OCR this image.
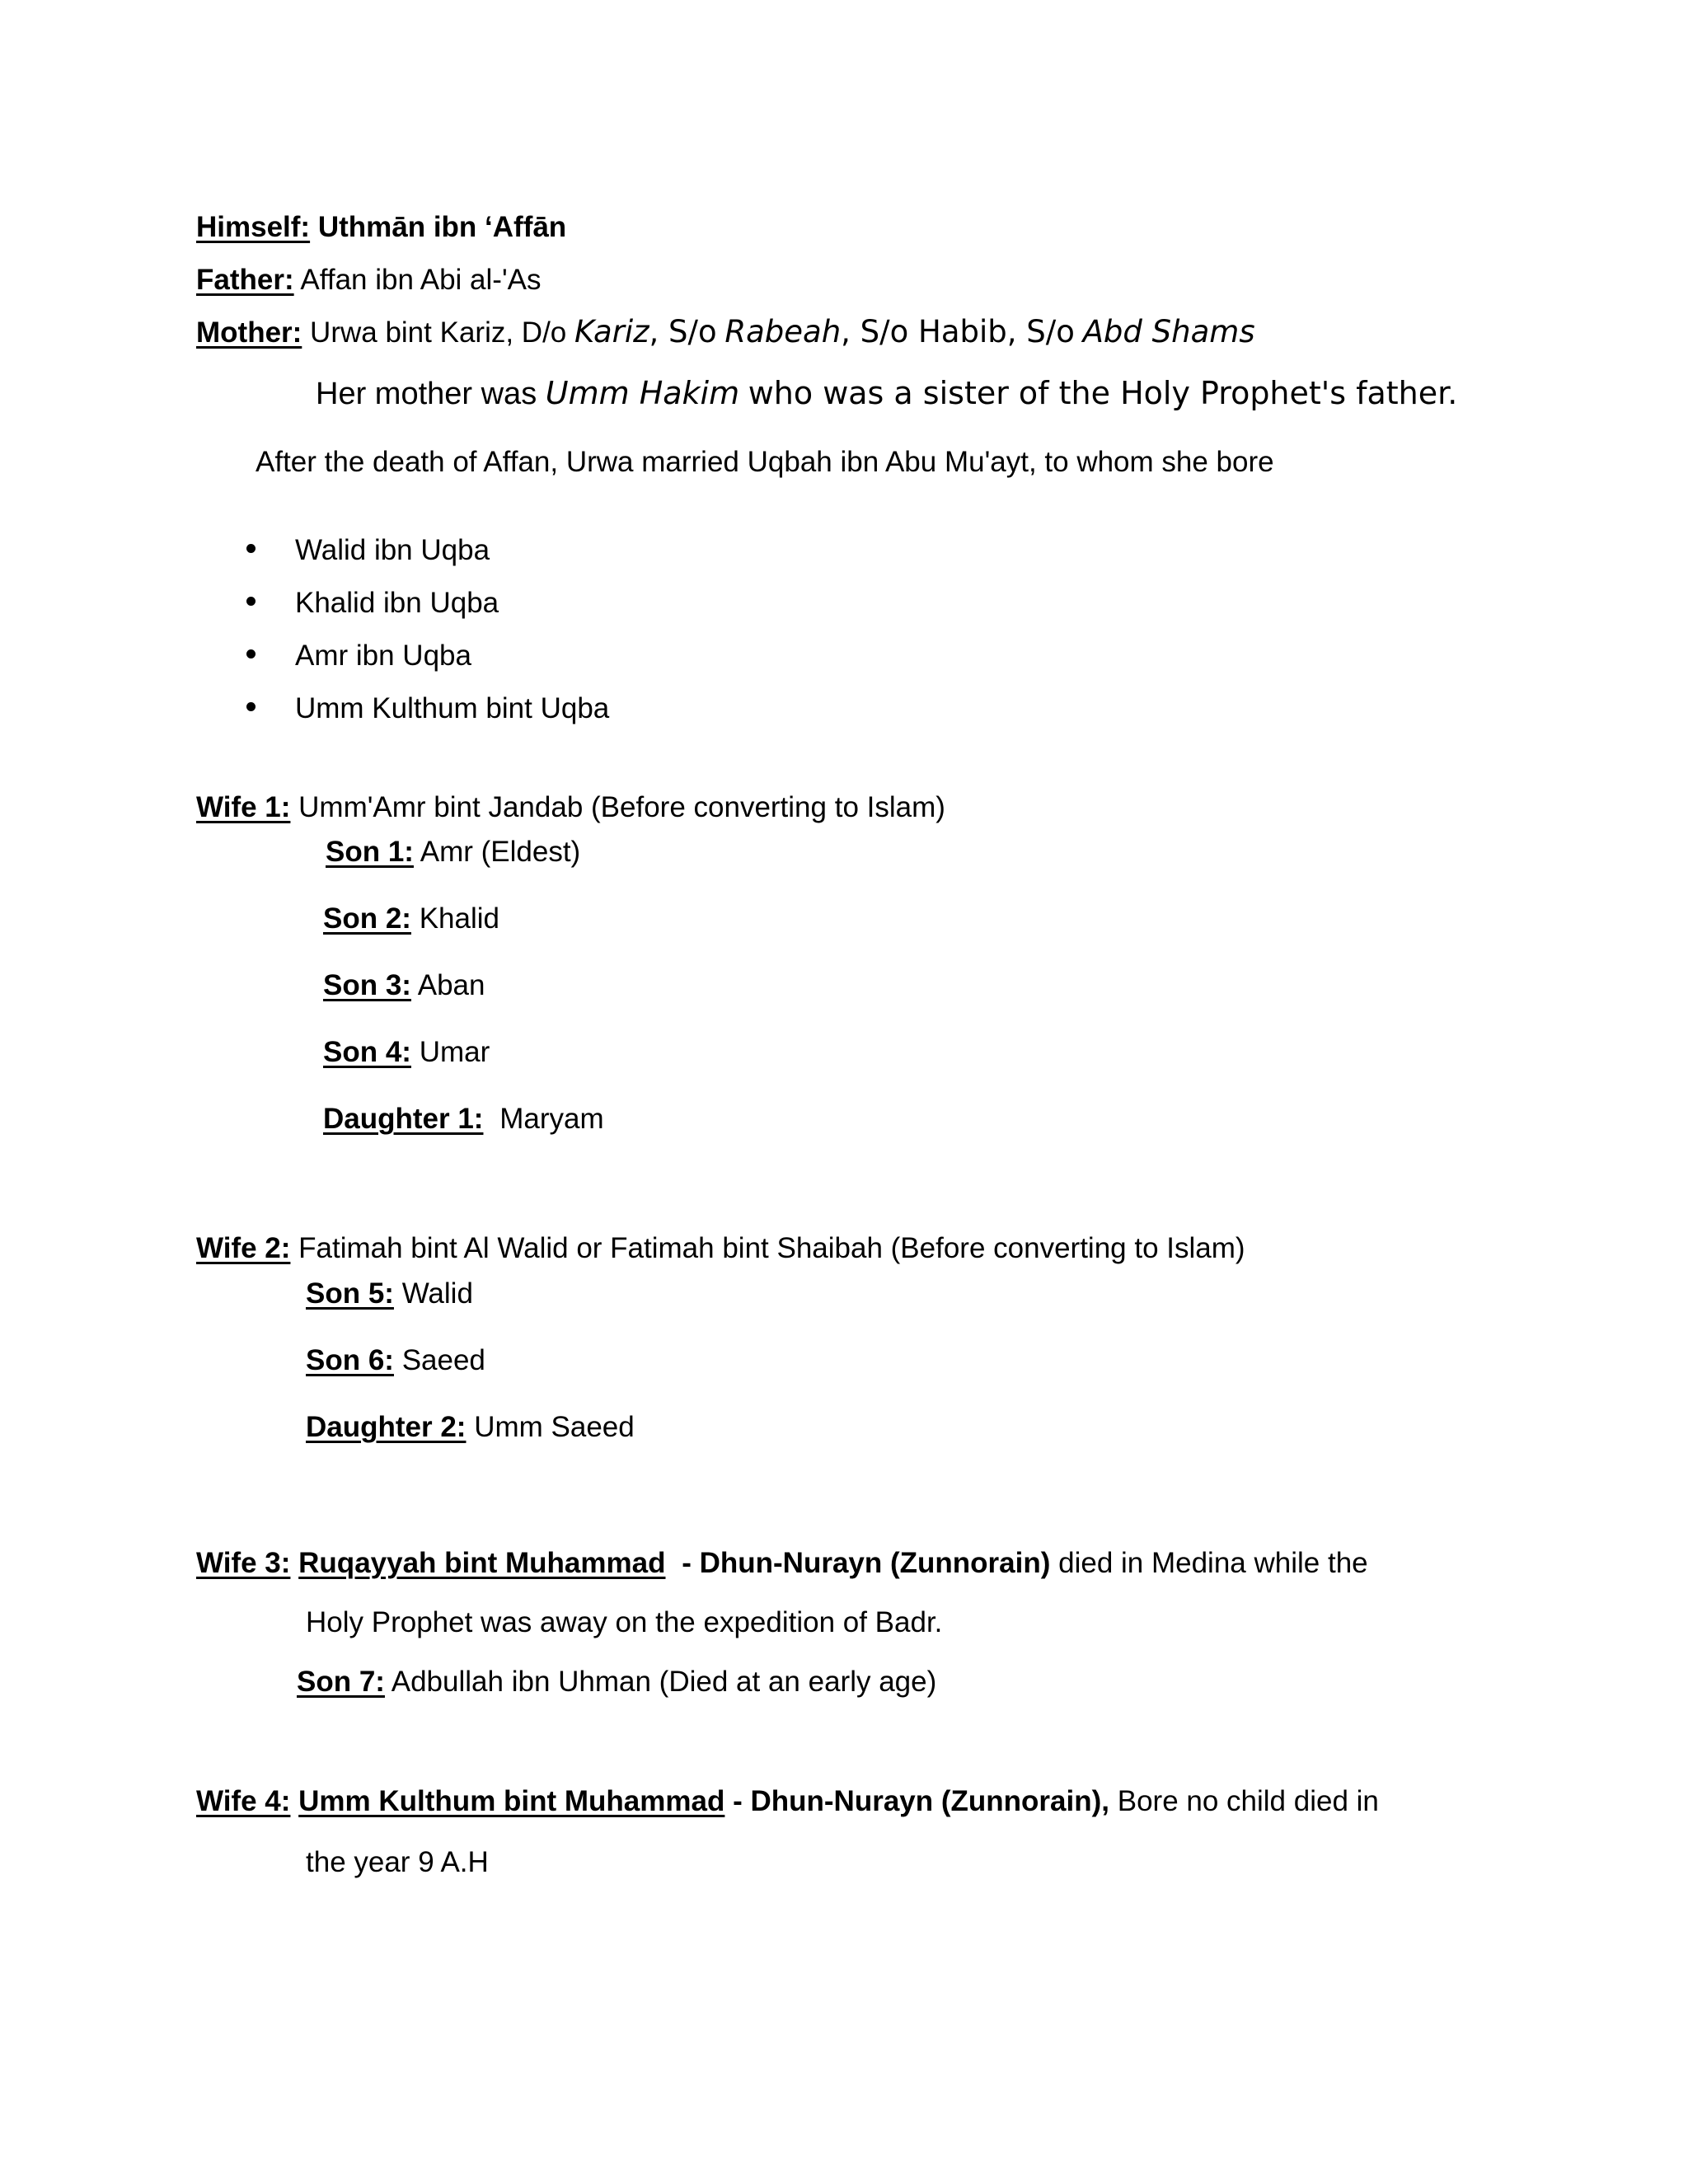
Himself: Uthmān ibn ‘Affān
Father: Affan ibn Abi al-'As
Mother: Urwa bint Kariz, D/o Kariz, S/o Rabeah, S/o Habib, S/o Abd Shams
Her mother was Umm Hakim who was a sister of the Holy Prophet's father.
After the death of Affan, Urwa married Uqbah ibn Abu Mu'ayt, to whom she bore
Walid ibn Uqba
Khalid ibn Uqba
Amr ibn Uqba
Umm Kulthum bint Uqba
Wife 1: Umm'Amr bint Jandab (Before converting to Islam)
Son 1: Amr (Eldest)
Son 2: Khalid
Son 3: Aban
Son 4: Umar
Daughter 1: Maryam
Wife 2: Fatimah bint Al Walid or Fatimah bint Shaibah (Before converting to Islam)
Son 5: Walid
Son 6: Saeed
Daughter 2: Umm Saeed
Wife 3: Ruqayyah bint Muhammad - Dhun-Nurayn (Zunnorain) died in Medina while the
Holy Prophet was away on the expedition of Badr.
Son 7: Adbullah ibn Uhman (Died at an early age)
Wife 4: Umm Kulthum bint Muhammad - Dhun-Nurayn (Zunnorain), Bore no child died in
the year 9 A.H
